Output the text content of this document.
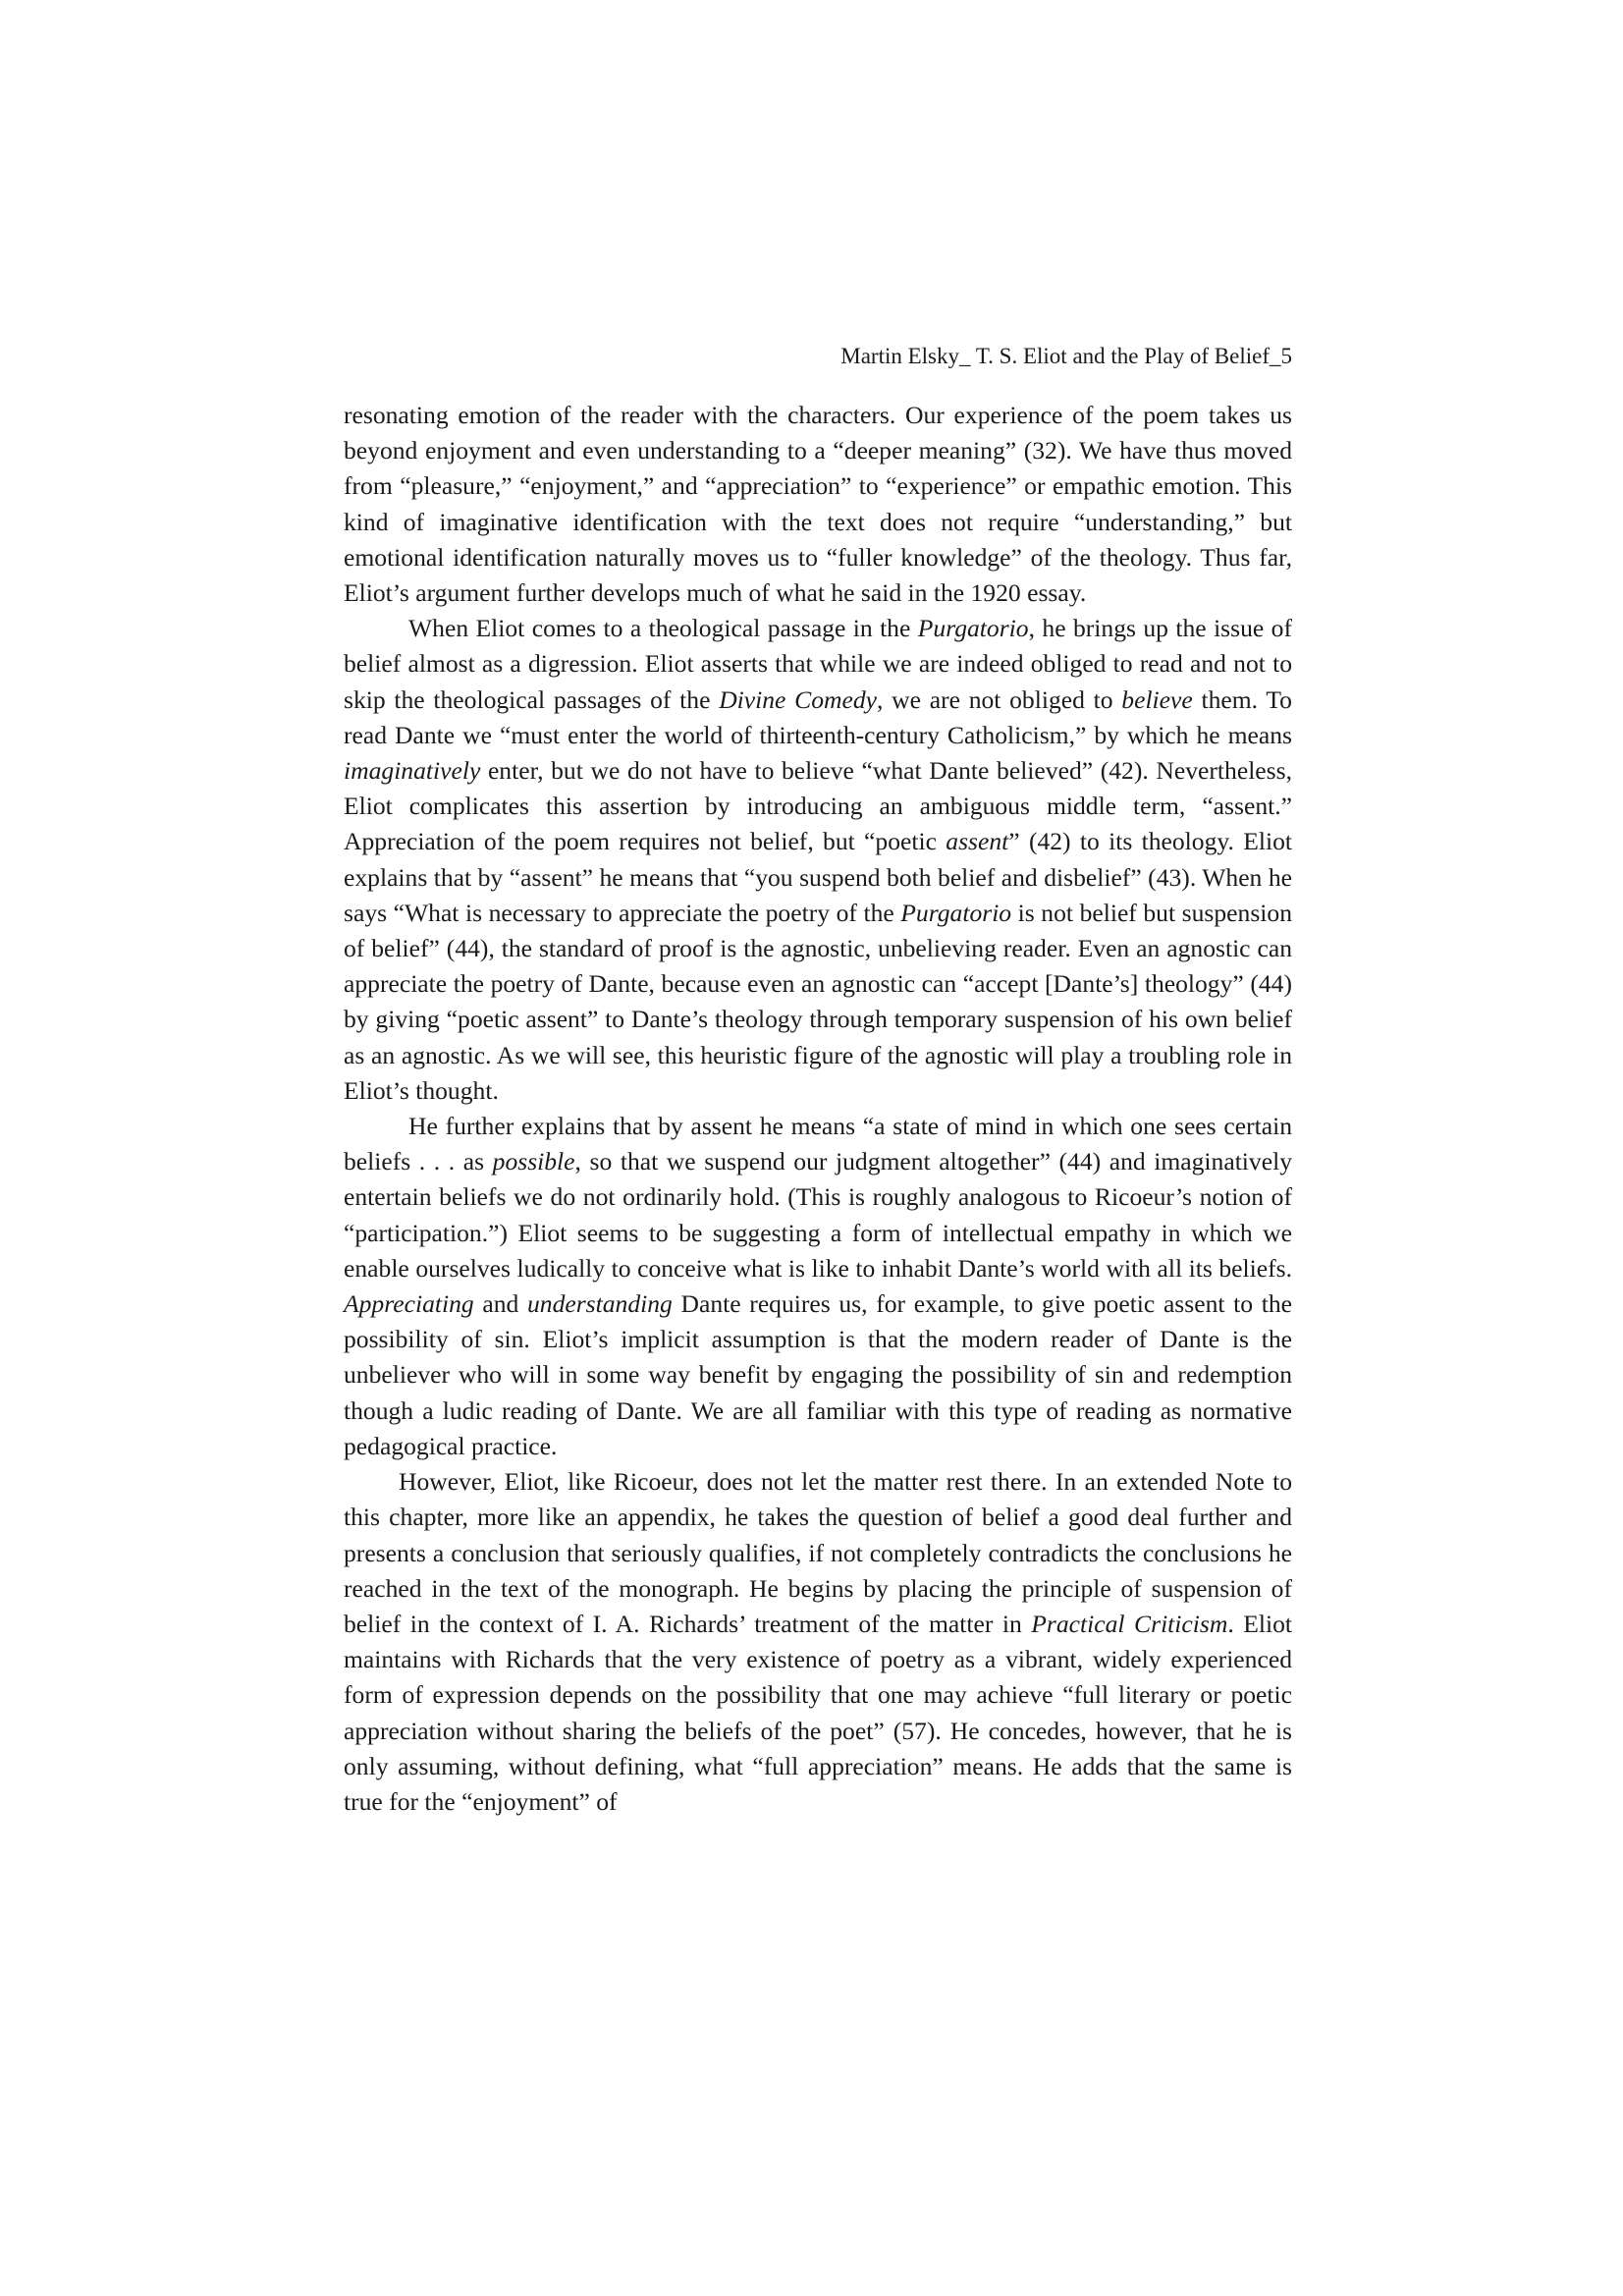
Martin Elsky_ T. S. Eliot and the Play of Belief_5

resonating emotion of the reader with the characters. Our experience of the poem takes us beyond enjoyment and even understanding to a “deeper meaning” (32). We have thus moved from “pleasure,” “enjoyment,” and “appreciation” to “experience” or empathic emotion. This kind of imaginative identification with the text does not require “understanding,” but emotional identification naturally moves us to “fuller knowledge” of the theology. Thus far, Eliot’s argument further develops much of what he said in the 1920 essay.

When Eliot comes to a theological passage in the Purgatorio, he brings up the issue of belief almost as a digression. Eliot asserts that while we are indeed obliged to read and not to skip the theological passages of the Divine Comedy, we are not obliged to believe them. To read Dante we “must enter the world of thirteenth-century Catholicism,” by which he means imaginatively enter, but we do not have to believe “what Dante believed” (42). Nevertheless, Eliot complicates this assertion by introducing an ambiguous middle term, “assent.” Appreciation of the poem requires not belief, but “poetic assent” (42) to its theology. Eliot explains that by “assent” he means that “you suspend both belief and disbelief” (43). When he says “What is necessary to appreciate the poetry of the Purgatorio is not belief but suspension of belief” (44), the standard of proof is the agnostic, unbelieving reader. Even an agnostic can appreciate the poetry of Dante, because even an agnostic can “accept [Dante’s] theology” (44) by giving “poetic assent” to Dante’s theology through temporary suspension of his own belief as an agnostic. As we will see, this heuristic figure of the agnostic will play a troubling role in Eliot’s thought.

He further explains that by assent he means “a state of mind in which one sees certain beliefs . . . as possible, so that we suspend our judgment altogether” (44) and imaginatively entertain beliefs we do not ordinarily hold. (This is roughly analogous to Ricoeur’s notion of “participation.”) Eliot seems to be suggesting a form of intellectual empathy in which we enable ourselves ludically to conceive what is like to inhabit Dante’s world with all its beliefs. Appreciating and understanding Dante requires us, for example, to give poetic assent to the possibility of sin. Eliot’s implicit assumption is that the modern reader of Dante is the unbeliever who will in some way benefit by engaging the possibility of sin and redemption though a ludic reading of Dante. We are all familiar with this type of reading as normative pedagogical practice.

However, Eliot, like Ricoeur, does not let the matter rest there. In an extended Note to this chapter, more like an appendix, he takes the question of belief a good deal further and presents a conclusion that seriously qualifies, if not completely contradicts the conclusions he reached in the text of the monograph. He begins by placing the principle of suspension of belief in the context of I. A. Richards’ treatment of the matter in Practical Criticism. Eliot maintains with Richards that the very existence of poetry as a vibrant, widely experienced form of expression depends on the possibility that one may achieve “full literary or poetic appreciation without sharing the beliefs of the poet” (57). He concedes, however, that he is only assuming, without defining, what “full appreciation” means. He adds that the same is true for the “enjoyment” of
